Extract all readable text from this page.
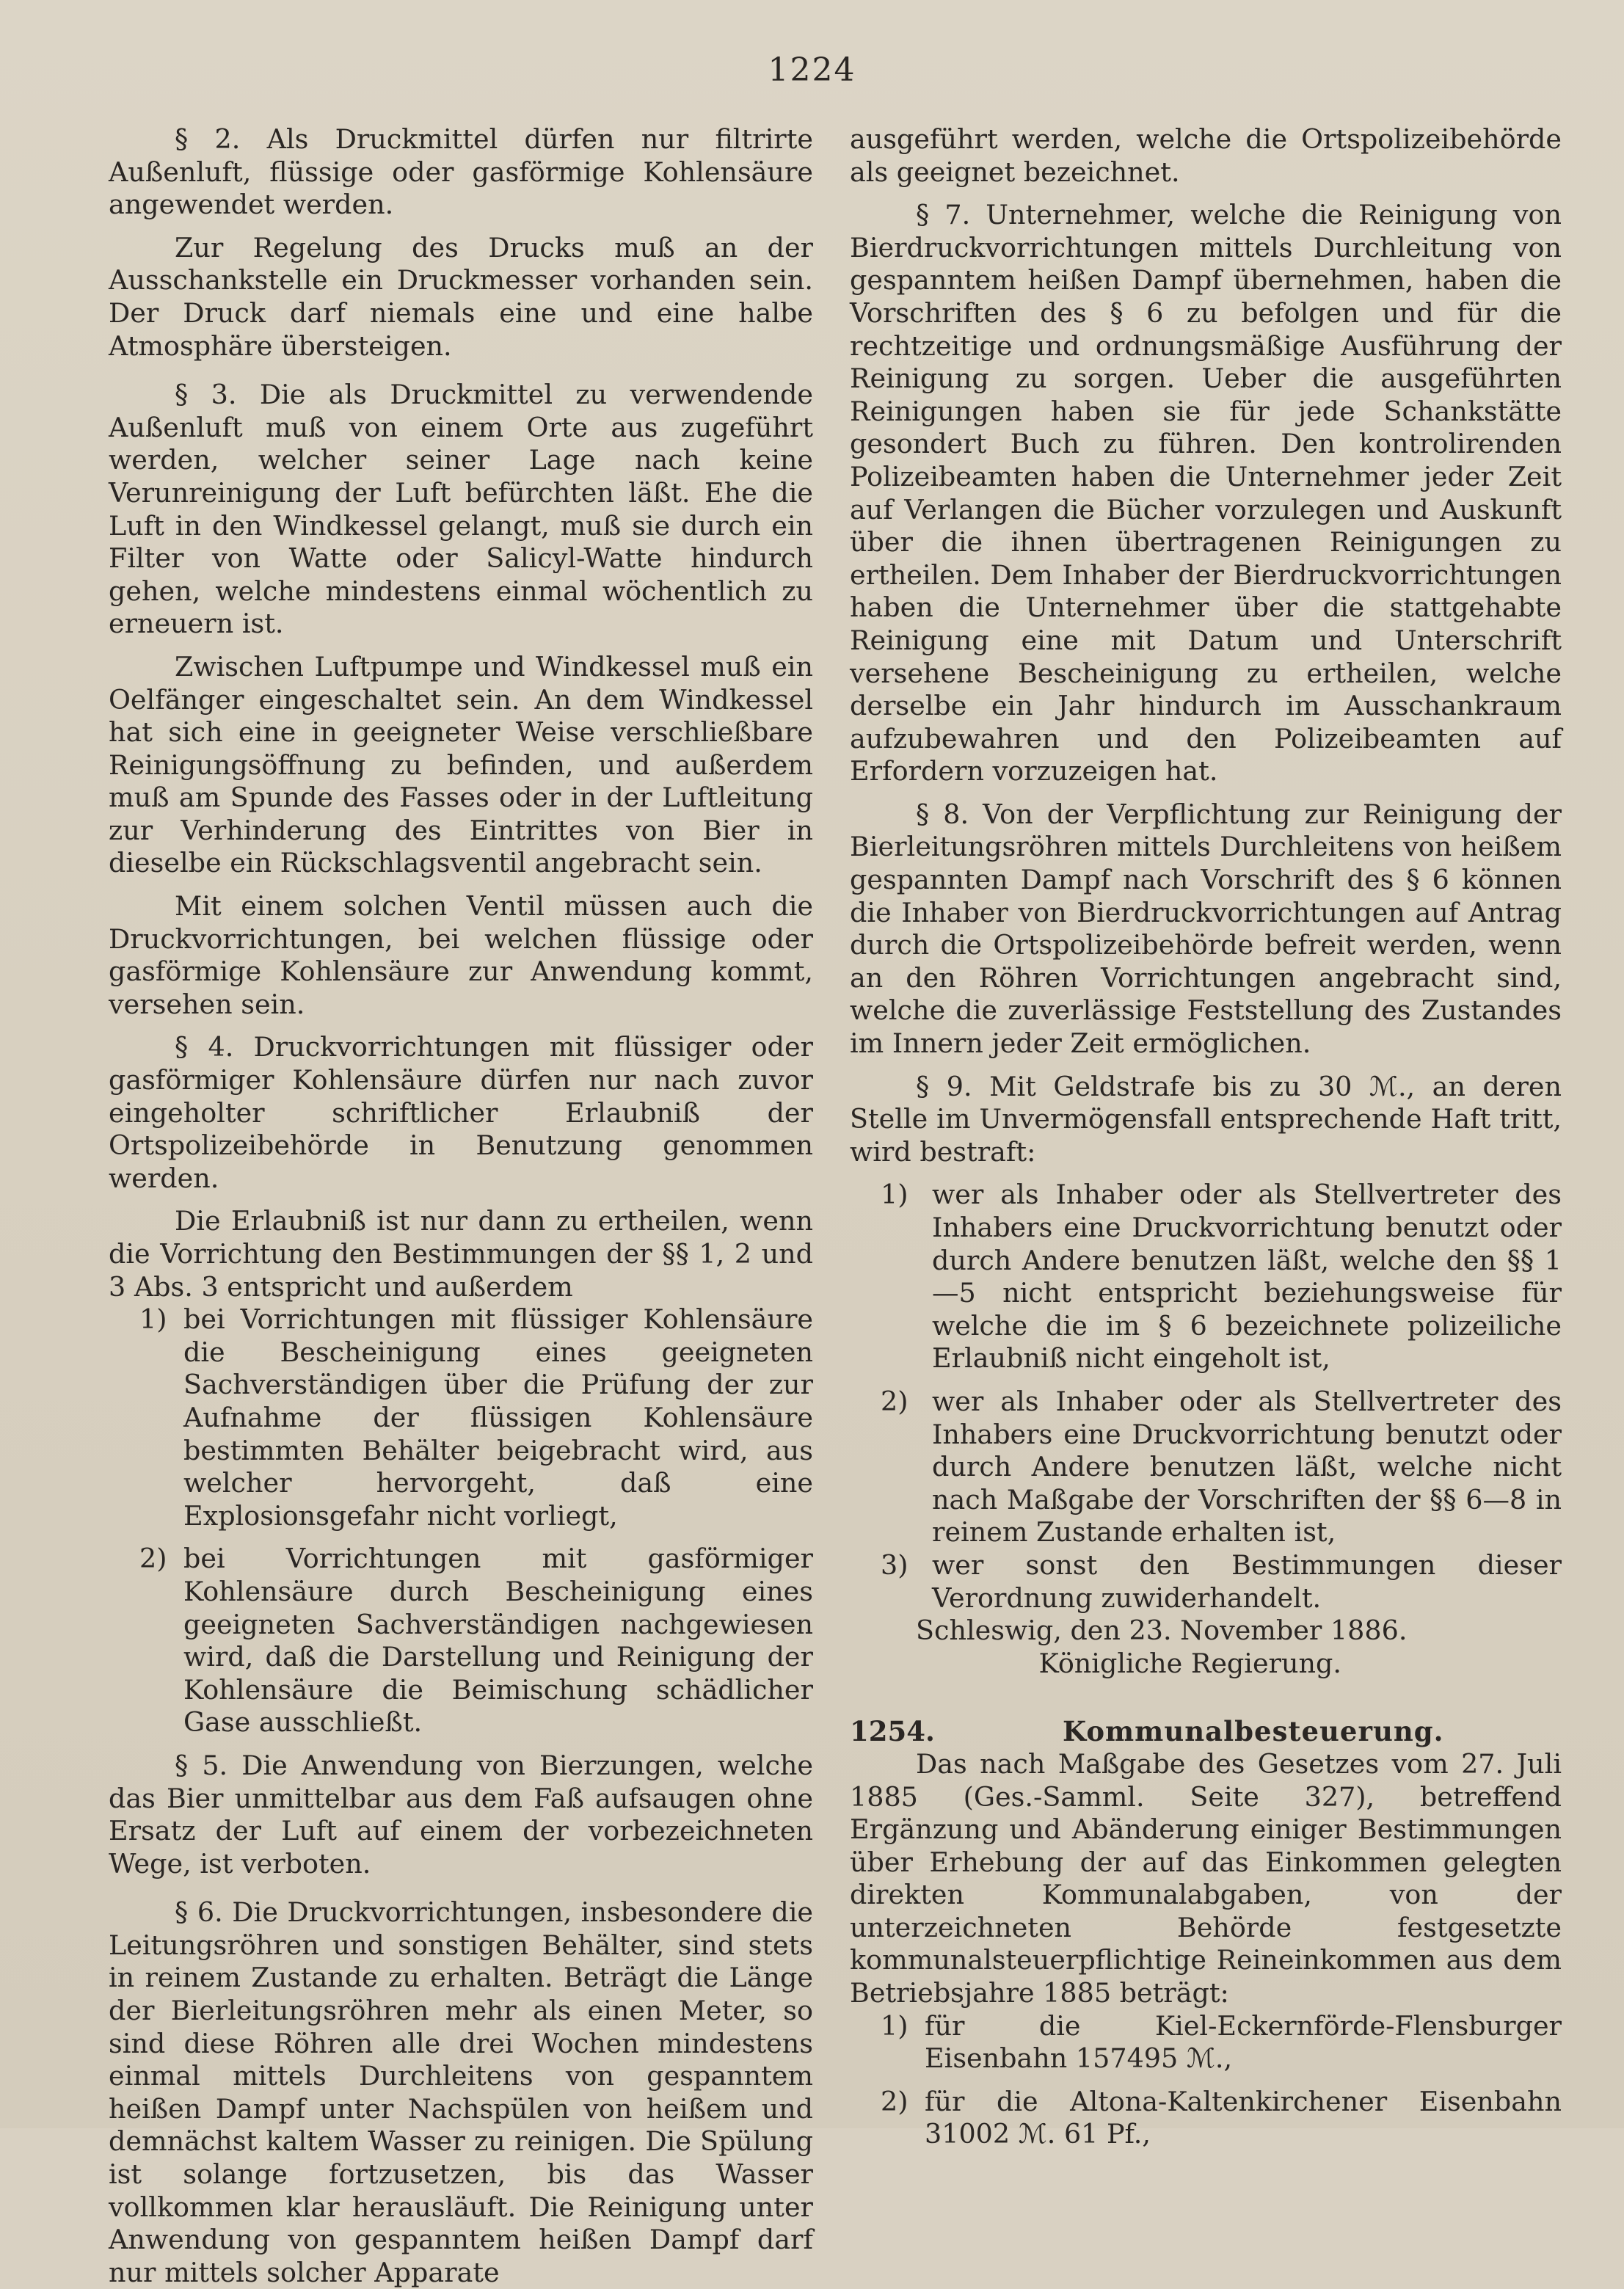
1224

§ 2. Als Druckmittel dürfen nur filtrirte Außenluft, flüssige oder gasförmige Kohlensäure angewendet werden.

Zur Regelung des Drucks muß an der Ausschankstelle ein Druckmesser vorhanden sein. Der Druck darf niemals eine und eine halbe Atmosphäre übersteigen.

§ 3. Die als Druckmittel zu verwendende Außenluft muß von einem Orte aus zugeführt werden, welcher seiner Lage nach keine Verunreinigung der Luft befürchten läßt. Ehe die Luft in den Windkessel gelangt, muß sie durch ein Filter von Watte oder Salicyl-Watte hindurch gehen, welche mindestens einmal wöchentlich zu erneuern ist.

Zwischen Luftpumpe und Windkessel muß ein Oelfänger eingeschaltet sein. An dem Windkessel hat sich eine in geeigneter Weise verschließbare Reinigungsöffnung zu befinden, und außerdem muß am Spunde des Fasses oder in der Luftleitung zur Verhinderung des Eintrittes von Bier in dieselbe ein Rückschlagsventil angebracht sein.

Mit einem solchen Ventil müssen auch die Druckvorrichtungen, bei welchen flüssige oder gasförmige Kohlensäure zur Anwendung kommt, versehen sein.

§ 4. Druckvorrichtungen mit flüssiger oder gasförmiger Kohlensäure dürfen nur nach zuvor eingeholter schriftlicher Erlaubniß der Ortspolizeibehörde in Benutzung genommen werden.

Die Erlaubniß ist nur dann zu ertheilen, wenn die Vorrichtung den Bestimmungen der §§ 1, 2 und 3 Abs. 3 entspricht und außerdem

1) bei Vorrichtungen mit flüssiger Kohlensäure die Bescheinigung eines geeigneten Sachverständigen über die Prüfung der zur Aufnahme der flüssigen Kohlensäure bestimmten Behälter beigebracht wird, aus welcher hervorgeht, daß eine Explosionsgefahr nicht vorliegt,
2) bei Vorrichtungen mit gasförmiger Kohlensäure durch Bescheinigung eines geeigneten Sachverständigen nachgewiesen wird, daß die Darstellung und Reinigung der Kohlensäure die Beimischung schädlicher Gase ausschließt.

§ 5. Die Anwendung von Bierzungen, welche das Bier unmittelbar aus dem Faß aufsaugen ohne Ersatz der Luft auf einem der vorbezeichneten Wege, ist verboten.

§ 6. Die Druckvorrichtungen, insbesondere die Leitungsröhren und sonstigen Behälter, sind stets in reinem Zustande zu erhalten. Beträgt die Länge der Bierleitungsröhren mehr als einen Meter, so sind diese Röhren alle drei Wochen mindestens einmal mittels Durchleitens von gespanntem heißen Dampf unter Nachspülen von heißem und demnächst kaltem Wasser zu reinigen. Die Spülung ist solange fortzusetzen, bis das Wasser vollkommen klar herausläuft. Die Reinigung unter Anwendung von gespanntem heißen Dampf darf nur mittels solcher Apparate

ausgeführt werden, welche die Ortspolizeibehörde als geeignet bezeichnet.

§ 7. Unternehmer, welche die Reinigung von Bierdruckvorrichtungen mittels Durchleitung von gespanntem heißen Dampf übernehmen, haben die Vorschriften des § 6 zu befolgen und für die rechtzeitige und ordnungsmäßige Ausführung der Reinigung zu sorgen. Ueber die ausgeführten Reinigungen haben sie für jede Schankstätte gesondert Buch zu führen. Den kontrolirenden Polizeibeamten haben die Unternehmer jeder Zeit auf Verlangen die Bücher vorzulegen und Auskunft über die ihnen übertragenen Reinigungen zu ertheilen. Dem Inhaber der Bierdruckvorrichtungen haben die Unternehmer über die stattgehabte Reinigung eine mit Datum und Unterschrift versehene Bescheinigung zu ertheilen, welche derselbe ein Jahr hindurch im Ausschankraum aufzubewahren und den Polizeibeamten auf Erfordern vorzuzeigen hat.

§ 8. Von der Verpflichtung zur Reinigung der Bierleitungsröhren mittels Durchleitens von heißem gespannten Dampf nach Vorschrift des § 6 können die Inhaber von Bierdruckvorrichtungen auf Antrag durch die Ortspolizeibehörde befreit werden, wenn an den Röhren Vorrichtungen angebracht sind, welche die zuverlässige Feststellung des Zustandes im Innern jeder Zeit ermöglichen.

§ 9. Mit Geldstrafe bis zu 30 ℳ., an deren Stelle im Unvermögensfall entsprechende Haft tritt, wird bestraft:

1) wer als Inhaber oder als Stellvertreter des Inhabers eine Druckvorrichtung benutzt oder durch Andere benutzen läßt, welche den §§ 1—5 nicht entspricht beziehungsweise für welche die im § 6 bezeichnete polizeiliche Erlaubniß nicht eingeholt ist,
2) wer als Inhaber oder als Stellvertreter des Inhabers eine Druckvorrichtung benutzt oder durch Andere benutzen läßt, welche nicht nach Maßgabe der Vorschriften der §§ 6—8 in reinem Zustande erhalten ist,
3) wer sonst den Bestimmungen dieser Verordnung zuwiderhandelt.

Schleswig, den 23. November 1886.

Königliche Regierung.

1254.	Kommunalbesteuerung.

Das nach Maßgabe des Gesetzes vom 27. Juli 1885 (Ges.-Samml. Seite 327), betreffend Ergänzung und Abänderung einiger Bestimmungen über Erhebung der auf das Einkommen gelegten direkten Kommunalabgaben, von der unterzeichneten Behörde festgesetzte kommunalsteuerpflichtige Reineinkommen aus dem Betriebsjahre 1885 beträgt:

1) für die Kiel-Eckernförde-Flensburger Eisenbahn 157495 ℳ.,
2) für die Altona-Kaltenkirchener Eisenbahn 31002 ℳ. 61 Pf.,
